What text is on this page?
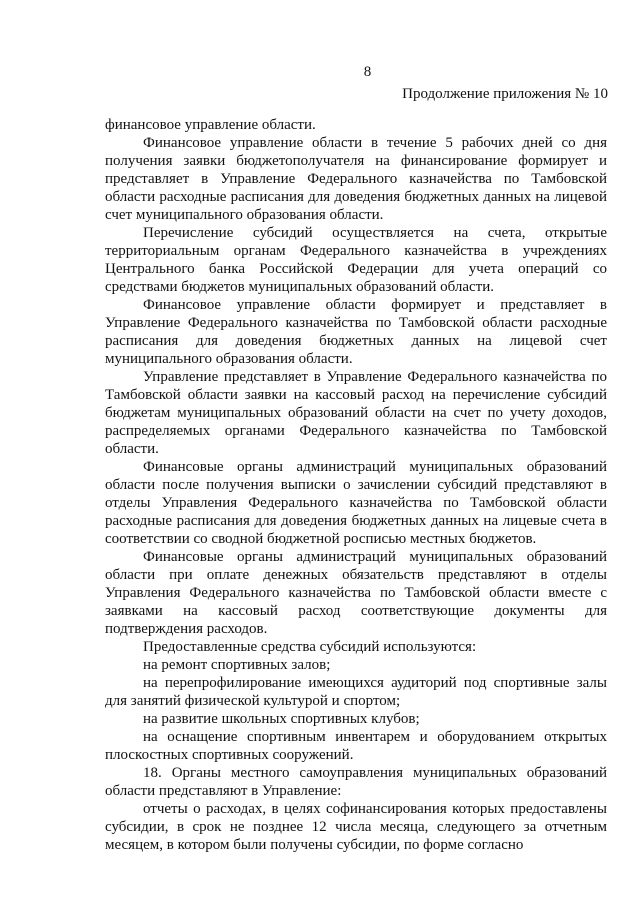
8
Продолжение приложения № 10

финансовое управление области.

Финансовое управление области в течение 5 рабочих дней со дня получения заявки бюджетополучателя на финансирование формирует и представляет в Управление Федерального казначейства по Тамбовской области расходные расписания для доведения бюджетных данных на лицевой счет муниципального образования области.

Перечисление субсидий осуществляется на счета, открытые территориальным органам Федерального казначейства в учреждениях Центрального банка Российской Федерации для учета операций со средствами бюджетов муниципальных образований области.

Финансовое управление области формирует и представляет в Управление Федерального казначейства по Тамбовской области расходные расписания для доведения бюджетных данных на лицевой счет муниципального образования области.

Управление представляет в Управление Федерального казначейства по Тамбовской области заявки на кассовый расход на перечисление субсидий бюджетам муниципальных образований области на счет по учету доходов, распределяемых органами Федерального казначейства по Тамбовской области.

Финансовые органы администраций муниципальных образований области после получения выписки о зачислении субсидий представляют в отделы Управления Федерального казначейства по Тамбовской области расходные расписания для доведения бюджетных данных на лицевые счета в соответствии со сводной бюджетной росписью местных бюджетов.

Финансовые органы администраций муниципальных образований области при оплате денежных обязательств представляют в отделы Управления Федерального казначейства по Тамбовской области вместе с заявками на кассовый расход соответствующие документы для подтверждения расходов.

Предоставленные средства субсидий используются:

на ремонт спортивных залов;

на перепрофилирование имеющихся аудиторий под спортивные залы для занятий физической культурой и спортом;

на развитие школьных спортивных клубов;

на оснащение спортивным инвентарем и оборудованием открытых плоскостных спортивных сооружений.

18. Органы местного самоуправления муниципальных образований области представляют в Управление:

отчеты о расходах, в целях софинансирования которых предоставлены субсидии, в срок не позднее 12 числа месяца, следующего за отчетным месяцем, в котором были получены субсидии, по форме согласно
